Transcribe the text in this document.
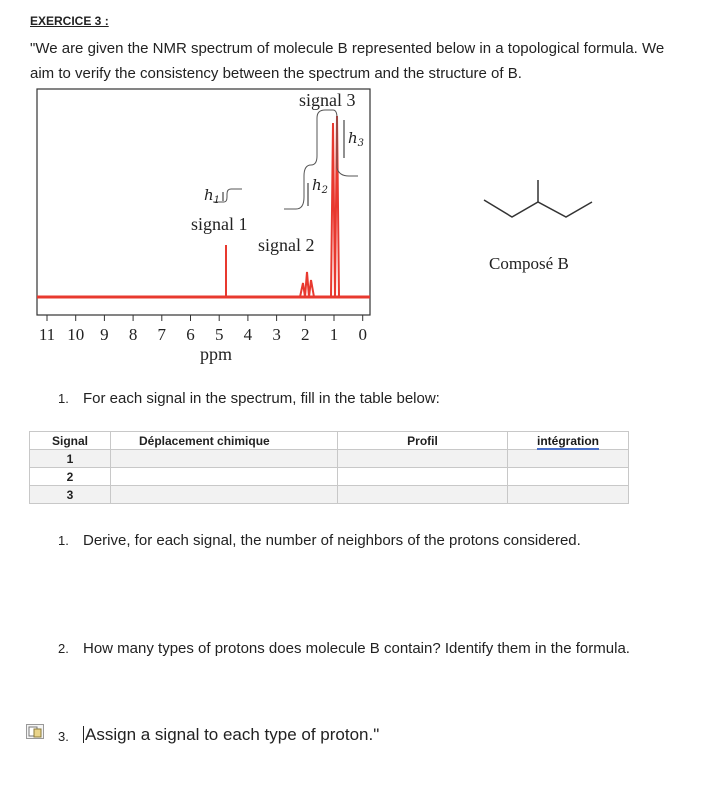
EXERCICE 3 :
"We are given the NMR spectrum of molecule B represented below in a topological formula. We aim to verify the consistency between the spectrum and the structure of B.
$h_1$
$h_2$
$h_3$
signal 1
signal 2
signal 3
11 10 9 8 7 6 5 4 3 2 1 0
ppm
Composé B
1. For each signal in the spectrum, fill in the table below:
Signal	Déplacement chimique	Profil	intégration
1			
2			
3			
1. Derive, for each signal, the number of neighbors of the protons considered.
2. How many types of protons does molecule B contain? Identify them in the formula.
3. Assign a signal to each type of proton."
